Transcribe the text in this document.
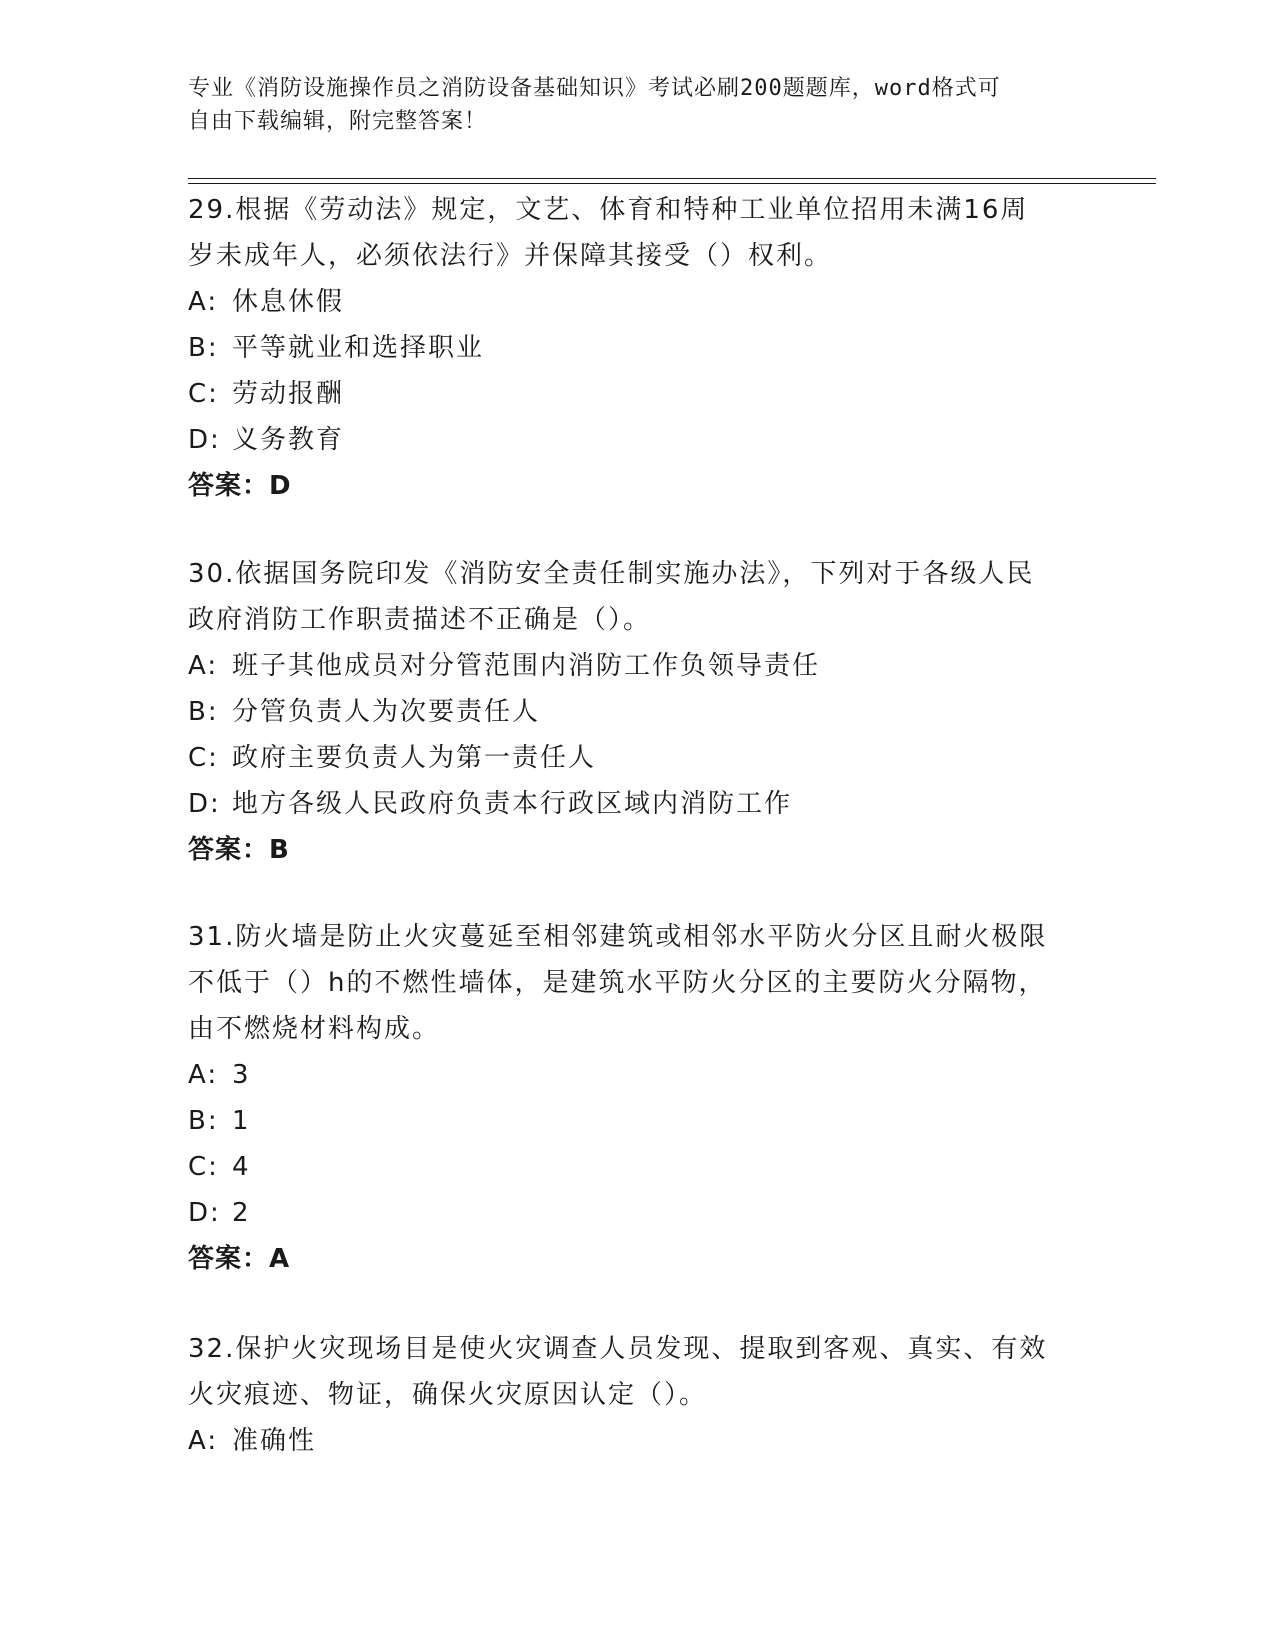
专业《消防设施操作员之消防设备基础知识》考试必刷200题题库，word格式可
自由下载编辑，附完整答案！
29.根据《劳动法》规定，文艺、体育和特种工业单位招用未满16周
岁未成年人，必须依法行》并保障其接受（）权利。
A: 休息休假
B: 平等就业和选择职业
C: 劳动报酬
D: 义务教育
答案：D
30.依据国务院印发《消防安全责任制实施办法》，下列对于各级人民
政府消防工作职责描述不正确是（）。
A: 班子其他成员对分管范围内消防工作负领导责任
B: 分管负责人为次要责任人
C: 政府主要负责人为第一责任人
D: 地方各级人民政府负责本行政区域内消防工作
答案：B
31.防火墙是防止火灾蔓延至相邻建筑或相邻水平防火分区且耐火极限
不低于（）h的不燃性墙体，是建筑水平防火分区的主要防火分隔物，
由不燃烧材料构成。
A: 3
B: 1
C: 4
D: 2
答案：A
32.保护火灾现场目是使火灾调查人员发现、提取到客观、真实、有效
火灾痕迹、物证，确保火灾原因认定（）。
A: 准确性
